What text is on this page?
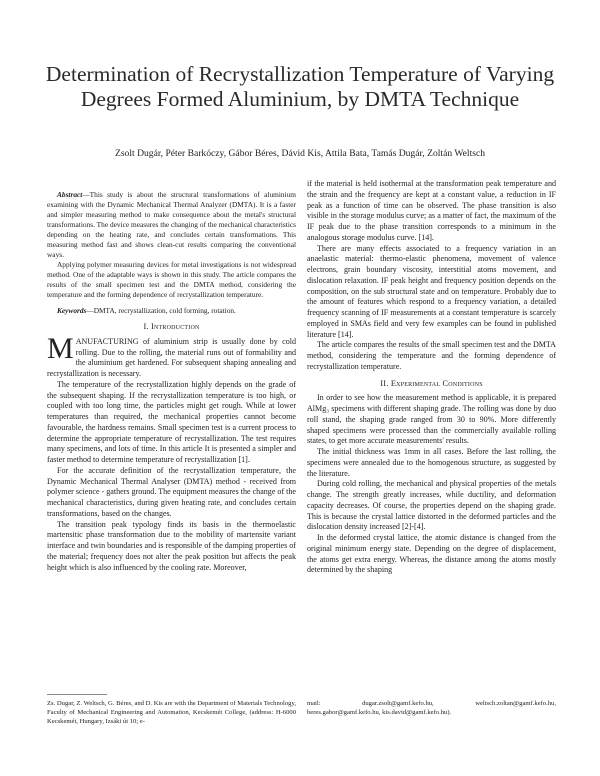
Determination of Recrystallization Temperature of Varying Degrees Formed Aluminium, by DMTA Technique
Zsolt Dugár, Péter Barkóczy, Gábor Béres, Dávid Kis, Attila Bata, Tamás Dugár, Zoltán Weltsch

Abstract—This study is about the structural transformations of aluminium examining with the Dynamic Mechanical Thermal Analyzer (DMTA). It is a faster and simpler measuring method to make consequence about the metal's structural transformations. The device measures the changing of the mechanical characteristics depending on the heating rate, and concludes certain transformations. This measuring method fast and shows clean-cut results comparing the conventional ways.

Applying polymer measuring devices for metal investigations is not widespread method. One of the adaptable ways is shown in this study. The article compares the results of the small specimen test and the DMTA method, considering the temperature and the forming dependence of recrystallization temperature.

Keywords—DMTA, recrystallization, cold forming, rotation.
I. Introduction

MANUFACTURING of aluminium strip is usually done by cold rolling. Due to the rolling, the material runs out of formability and the aluminium get hardened. For subsequent shaping annealing and recrystallization is necessary.

The temperature of the recrystallization highly depends on the grade of the subsequent shaping. If the recrystallization temperature is too high, or coupled with too long time, the particles might get rough. While at lower temperatures than required, the mechanical properties cannot become favourable, the hardness remains. Small specimen test is a current process to determine the appropriate temperature of recrystallization. The test requires many specimens, and lots of time. In this article It is presented a simpler and faster method to determine temperature of recrystallization [1].

For the accurate definition of the recrystallization temperature, the Dynamic Mechanical Thermal Analyser (DMTA) method - received from polymer science - gathers ground. The equipment measures the change of the mechanical characteristics, during given heating rate, and concludes certain transformations, based on the changes.

The transition peak typology finds its basis in the thermoelastic martensitic phase transformation due to the mobility of martensite variant interface and twin boundaries and is responsible of the damping properties of the material; frequency does not alter the peak position but affects the peak height which is also influenced by the cooling rate. Moreover,

if the material is held isothermal at the transformation peak temperature and the strain and the frequency are kept at a constant value, a reduction in IF peak as a function of time can be observed. The phase transition is also visible in the storage modulus curve; as a matter of fact, the maximum of the IF peak due to the phase transition corresponds to a minimum in the analogous storage modulus curve. [14].

There are many effects associated to a frequency variation in an anaelastic material: thermo-elastic phenomena, movement of valence electrons, grain boundary viscosity, interstitial atoms movement, and dislocation relaxation. IF peak height and frequency position depends on the composition, on the sub structural state and on temperature. Probably due to the amount of features which respond to a frequency variation, a detailed frequency scanning of IF measurements at a constant temperature is scarcely employed in SMAs field and very few examples can be found in published literature [14].

The article compares the results of the small specimen test and the DMTA method, considering the temperature and the forming dependence of recrystallization temperature.

II. Experimental Conditions

In order to see how the measurement method is applicable, it is prepared AlMg₃ specimens with different shaping grade. The rolling was done by duo roll stand, the shaping grade ranged from 30 to 90%. More differently shaped specimens were processed than the commercially available rolling states, to get more accurate measurements' results.

The initial thickness was 1mm in all cases. Before the last rolling, the specimens were annealed due to the homogenous structure, as suggested by the literature.

During cold rolling, the mechanical and physical properties of the metals change. The strength greatly increases, while ductility, and deformation capacity decreases. Of course, the properties depend on the shaping grade. This is because the crystal lattice distorted in the deformed particles and the dislocation density increased [2]-[4].

In the deformed crystal lattice, the atomic distance is changed from the original minimum energy state. Depending on the degree of displacement, the atoms get extra energy. Whereas, the distance among the atoms mostly determined by the shaping

Zs. Dugar, Z. Weltsch, G. Béres, and D. Kis are with the Department of Materials Technology, Faculty of Mechanical Engineering and Automation, Kecskemét College, (address: H-6000 Kecskemét, Hungary, Izsáki út 10; e-
mail:	dugar.zsolt@gamf.kefo.hu,	weltsch.zoltan@gamf.kefo.hu,
beres.gabor@gamf.kefo.hu, kis.david@gamf.kefo.hu).
